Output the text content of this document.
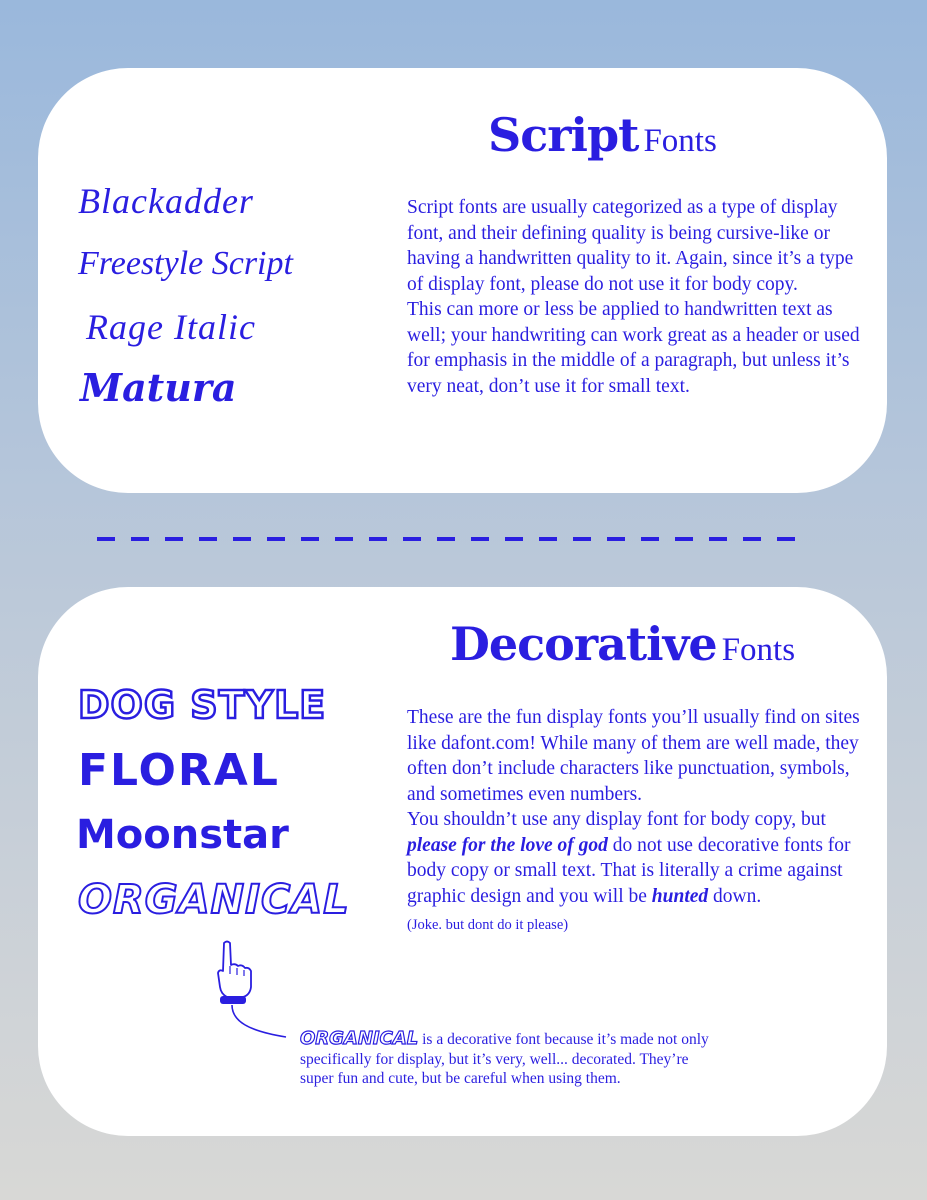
Script Fonts
Blackadder
Freestyle Script
Rage Italic
Matura

Script fonts are usually categorized as a type of display font, and their defining quality is being cursive-like or having a handwritten quality to it. Again, since it’s a type of display font, please do not use it for body copy.

This can more or less be applied to handwritten text as well; your handwriting can work great as a header or used for emphasis in the middle of a paragraph, but unless it’s very neat, don’t use it for small text.

Decorative Fonts
DOG STYLE
FLORAL
Moonstar
ORGANICAL

These are the fun display fonts you’ll usually find on sites like dafont.com! While many of them are well made, they often don’t include characters like punctuation, symbols, and sometimes even numbers.

You shouldn’t use any display font for body copy, but please for the love of god do not use decorative fonts for body copy or small text. That is literally a crime against graphic design and you will be hunted down.

(Joke. but dont do it please)

ORGANICAL is a decorative font because it’s made not only specifically for display, but it’s very, well... decorated. They’re super fun and cute, but be careful when using them.
